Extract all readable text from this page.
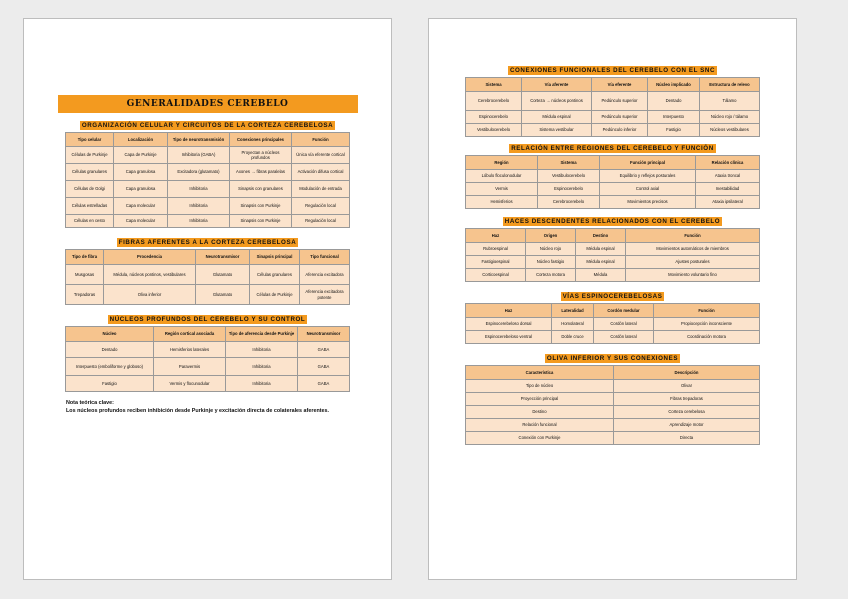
GENERALIDADES CEREBELO
ORGANIZACIÓN CELULAR Y CIRCUITOS DE LA CORTEZA CEREBELOSA
Tipo celular	Localización	Tipo de neurotransmisión	Conexiones principales	Función
Células de Purkinje	Capa de Purkinje	Inhibitoria (GABA)	Proyectan a núcleos profundos	Única vía eferente cortical
Células granulares	Capa granulosa	Excitadora (glutamato)	Axones → fibras paralelas	Activación difusa cortical
Células de Golgi	Capa granulosa	Inhibitoria	Sinapsis con granulares	Modulación de entrada
Células estrelladas	Capa molecular	Inhibitoria	Sinapsis con Purkinje	Regulación local
Células en cesto	Capa molecular	Inhibitoria	Sinapsis con Purkinje	Regulación local
FIBRAS AFERENTES A LA CORTEZA CEREBELOSA
Tipo de fibra	Procedencia	Neurotransmisor	Sinapsis principal	Tipo funcional
Musgosas	Médula, núcleos pontinos, vestibulares	Glutamato	Células granulares	Aferencia excitadora
Trepadoras	Oliva inferior	Glutamato	Células de Purkinje	Aferencia excitadora potente
NÚCLEOS PROFUNDOS DEL CEREBELO Y SU CONTROL
Núcleo	Región cortical asociada	Tipo de aferencia desde Purkinje	Neurotransmisor
Dentado	Hemisferios laterales	Inhibitoria	GABA
Interpuesto (emboliforme y globoso)	Paravermis	Inhibitoria	GABA
Fastigio	Vermis y flocunodular	Inhibitoria	GABA
Nota teórica clave:
Los núcleos profundos reciben inhibición desde Purkinje y excitación directa de colaterales aferentes.
CONEXIONES FUNCIONALES DEL CEREBELO CON EL SNC
Sistema	Vía aferente	Vía eferente	Núcleo implicado	Estructura de relevo
Cerebrocerebelo	Corteza → núcleos pontinos	Pedúnculo superior	Dentado	Tálamo
Espinocerebelo	Médula espinal	Pedúnculo superior	Interpuesto	Núcleo rojo / tálamo
Vestibulocerebelo	Sistema vestibular	Pedúnculo inferior	Fastigio	Núcleos vestibulares
RELACIÓN ENTRE REGIONES DEL CEREBELO Y FUNCIÓN
Región	Sistema	Función principal	Relación clínica
Lóbulo floculonodular	Vestibulocerebelo	Equilibrio y reflejos posturales	Ataxia troncal
Vermis	Espinocerebelo	Control axial	Inestabilidad
Hemisferios	Cerebrocerebelo	Movimientos precisos	Ataxia ipsilateral
HACES DESCENDENTES RELACIONADOS CON EL CEREBELO
Haz	Origen	Destino	Función
Rubroespinal	Núcleo rojo	Médula espinal	Movimientos automáticos de miembros
Fastigioespinal	Núcleo fastigio	Médula espinal	Ajustes posturales
Corticoespinal	Corteza motora	Médula	Movimiento voluntario fino
VÍAS ESPINOCEREBELOSAS
Haz	Lateralidad	Cordón medular	Función
Espinocerebeloso dorsal	Homolateral	Cordón lateral	Propiocepción inconsciente
Espinocerebeloso ventral	Doble cruce	Cordón lateral	Coordinación motora
OLIVA INFERIOR Y SUS CONEXIONES
Característica	Descripción
Tipo de núcleo	Olivar
Proyección principal	Fibras trepadoras
Destino	Corteza cerebelosa
Relación funcional	Aprendizaje motor
Conexión con Purkinje	Directa
